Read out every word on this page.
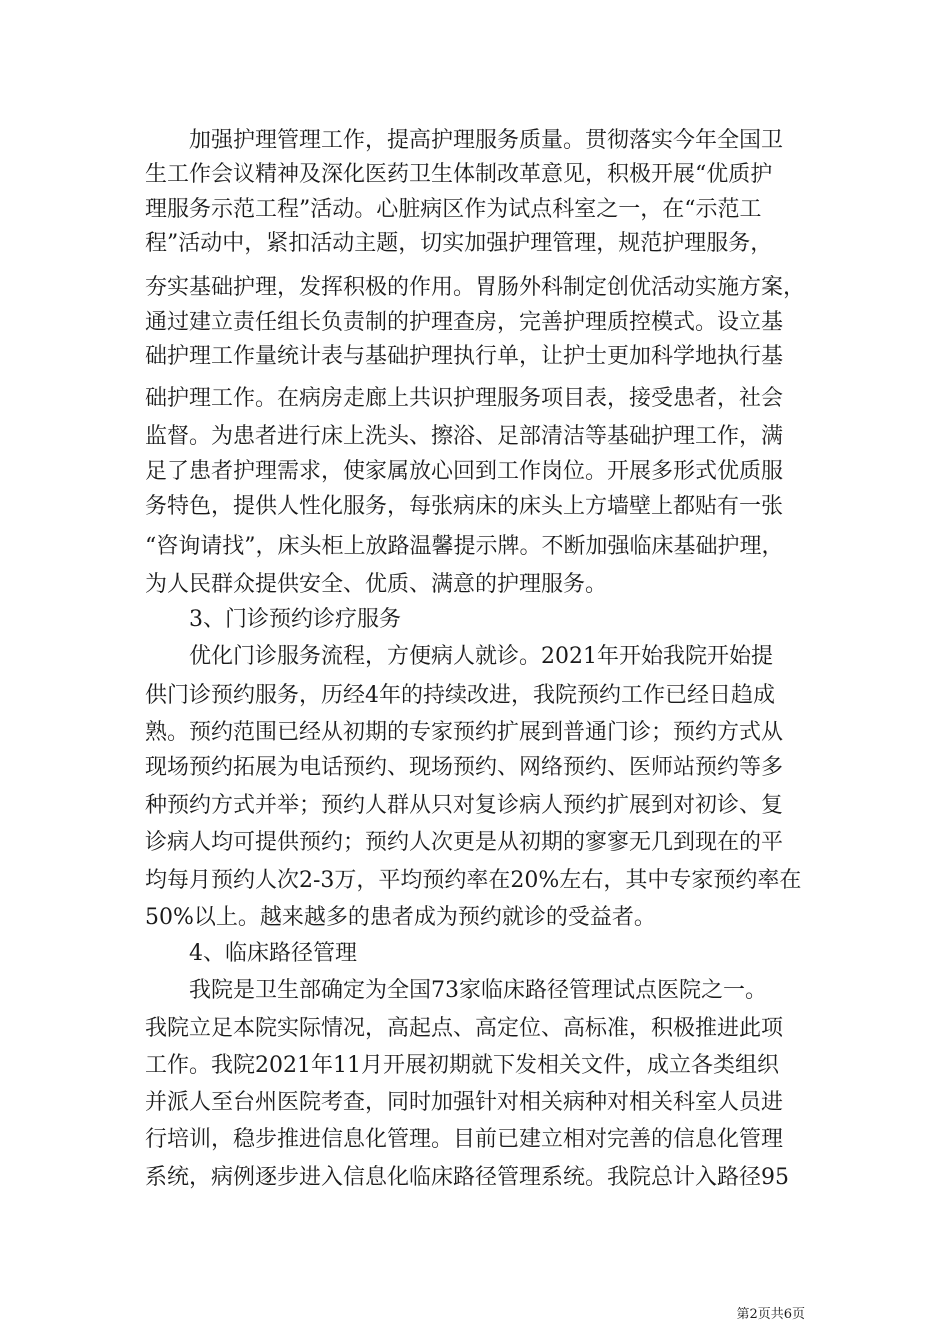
　　加强护理管理工作，提高护理服务质量。贯彻落实今年全国卫
生工作会议精神及深化医药卫生体制改革意见，积极开展“优质护
理服务示范工程”活动。心脏病区作为试点科室之一，在“示范工
程”活动中，紧扣活动主题，切实加强护理管理，规范护理服务，
夯实基础护理，发挥积极的作用。胃肠外科制定创优活动实施方案，
通过建立责任组长负责制的护理查房，完善护理质控模式。设立基
础护理工作量统计表与基础护理执行单，让护士更加科学地执行基
础护理工作。在病房走廊上共识护理服务项目表，接受患者，社会
监督。为患者进行床上洗头、擦浴、足部清洁等基础护理工作，满
足了患者护理需求，使家属放心回到工作岗位。开展多形式优质服
务特色，提供人性化服务，每张病床的床头上方墙壁上都贴有一张
“咨询请找”，床头柜上放路温馨提示牌。不断加强临床基础护理，
为人民群众提供安全、优质、满意的护理服务。
　　3、门诊预约诊疗服务
　　优化门诊服务流程，方便病人就诊。2021年开始我院开始提
供门诊预约服务，历经4年的持续改进，我院预约工作已经日趋成
熟。预约范围已经从初期的专家预约扩展到普通门诊；预约方式从
现场预约拓展为电话预约、现场预约、网络预约、医师站预约等多
种预约方式并举；预约人群从只对复诊病人预约扩展到对初诊、复
诊病人均可提供预约；预约人次更是从初期的寥寥无几到现在的平
均每月预约人次2-3万，平均预约率在20%左右，其中专家预约率在
50%以上。越来越多的患者成为预约就诊的受益者。
　　4、临床路径管理
　　我院是卫生部确定为全国73家临床路径管理试点医院之一。
我院立足本院实际情况，高起点、高定位、高标准，积极推进此项
工作。我院2021年11月开展初期就下发相关文件，成立各类组织
并派人至台州医院考查，同时加强针对相关病种对相关科室人员进
行培训，稳步推进信息化管理。目前已建立相对完善的信息化管理
系统，病例逐步进入信息化临床路径管理系统。我院总计入路径95
第2页共6页
